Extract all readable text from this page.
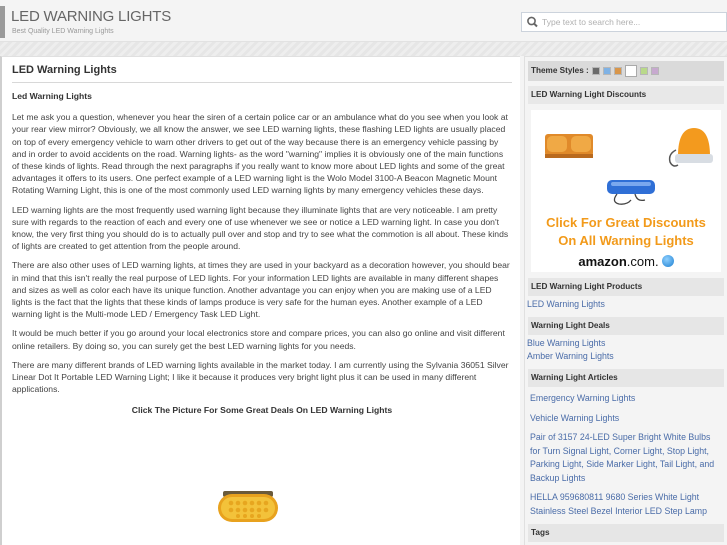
LED WARNING LIGHTS
Best Quality LED Warning Lights
Type text to search here...
LED Warning Lights
Led Warning Lights

Let me ask you a question, whenever you hear the siren of a certain police car or an ambulance what do you see when you look at your rear view mirror? Obviously, we all know the answer, we see LED warning lights, these flashing LED lights are usually placed on top of every emergency vehicle to warn other drivers to get out of the way because there is an emergency vehicle passing by and in order to avoid accidents on the road. Warning lights- as the word "warning" implies it is obviously one of the main functions of these kinds of lights. Read through the next paragraphs if you really want to know more about LED lights and some of the great advantages it offers to its users. One perfect example of a LED warning light is the Wolo Model 3100-A Beacon Magnetic Mount Rotating Warning Light, this is one of the most commonly used LED warning lights by many emergency vehicles these days.

LED warning lights are the most frequently used warning light because they illuminate lights that are very noticeable. I am pretty sure with regards to the reaction of each and every one of use whenever we see or notice a LED warning light. In case you don't know, the very first thing you should do is to actually pull over and stop and try to see what the commotion is all about. These kinds of lights are created to get attention from the people around.

There are also other uses of LED warning lights, at times they are used in your backyard as a decoration however, you should bear in mind that this isn't really the real purpose of LED lights. For your information LED lights are available in many different shapes and sizes as well as color each have its unique function. Another advantage you can enjoy when you are making use of a LED lights is the fact that the lights that these kinds of lamps produce is very safe for the human eyes. Another example of a LED warning light is the Multi-mode LED / Emergency Task LED Light.

It would be much better if you go around your local electronics store and compare prices, you can also go online and visit different online retailers. By doing so, you can surely get the best LED warning lights for you needs.

There are many different brands of LED warning lights available in the market today. I am currently using the Sylvania 36051 Silver Linear Dot It Portable LED Warning Light; I like it because it produces very bright light plus it can be used in many different applications.

Click The Picture For Some Great Deals On LED Warning Lights
Theme Styles :
LED Warning Light Discounts
Click For Great Discounts
On All Warning Lights
amazon.com.
LED Warning Light Products
LED Warning Lights
Warning Light Deals
Blue Warning Lights
Amber Warning Lights
Warning Light Articles
Emergency Warning Lights
Vehicle Warning Lights
Pair of 3157 24-LED Super Bright White Bulbs for Turn Signal Light, Corner Light, Stop Light, Parking Light, Side Marker Light, Tail Light, and Backup Lights
HELLA 959680811 9680 Series White Light Stainless Steel Bezel Interior LED Step Lamp
Tags
